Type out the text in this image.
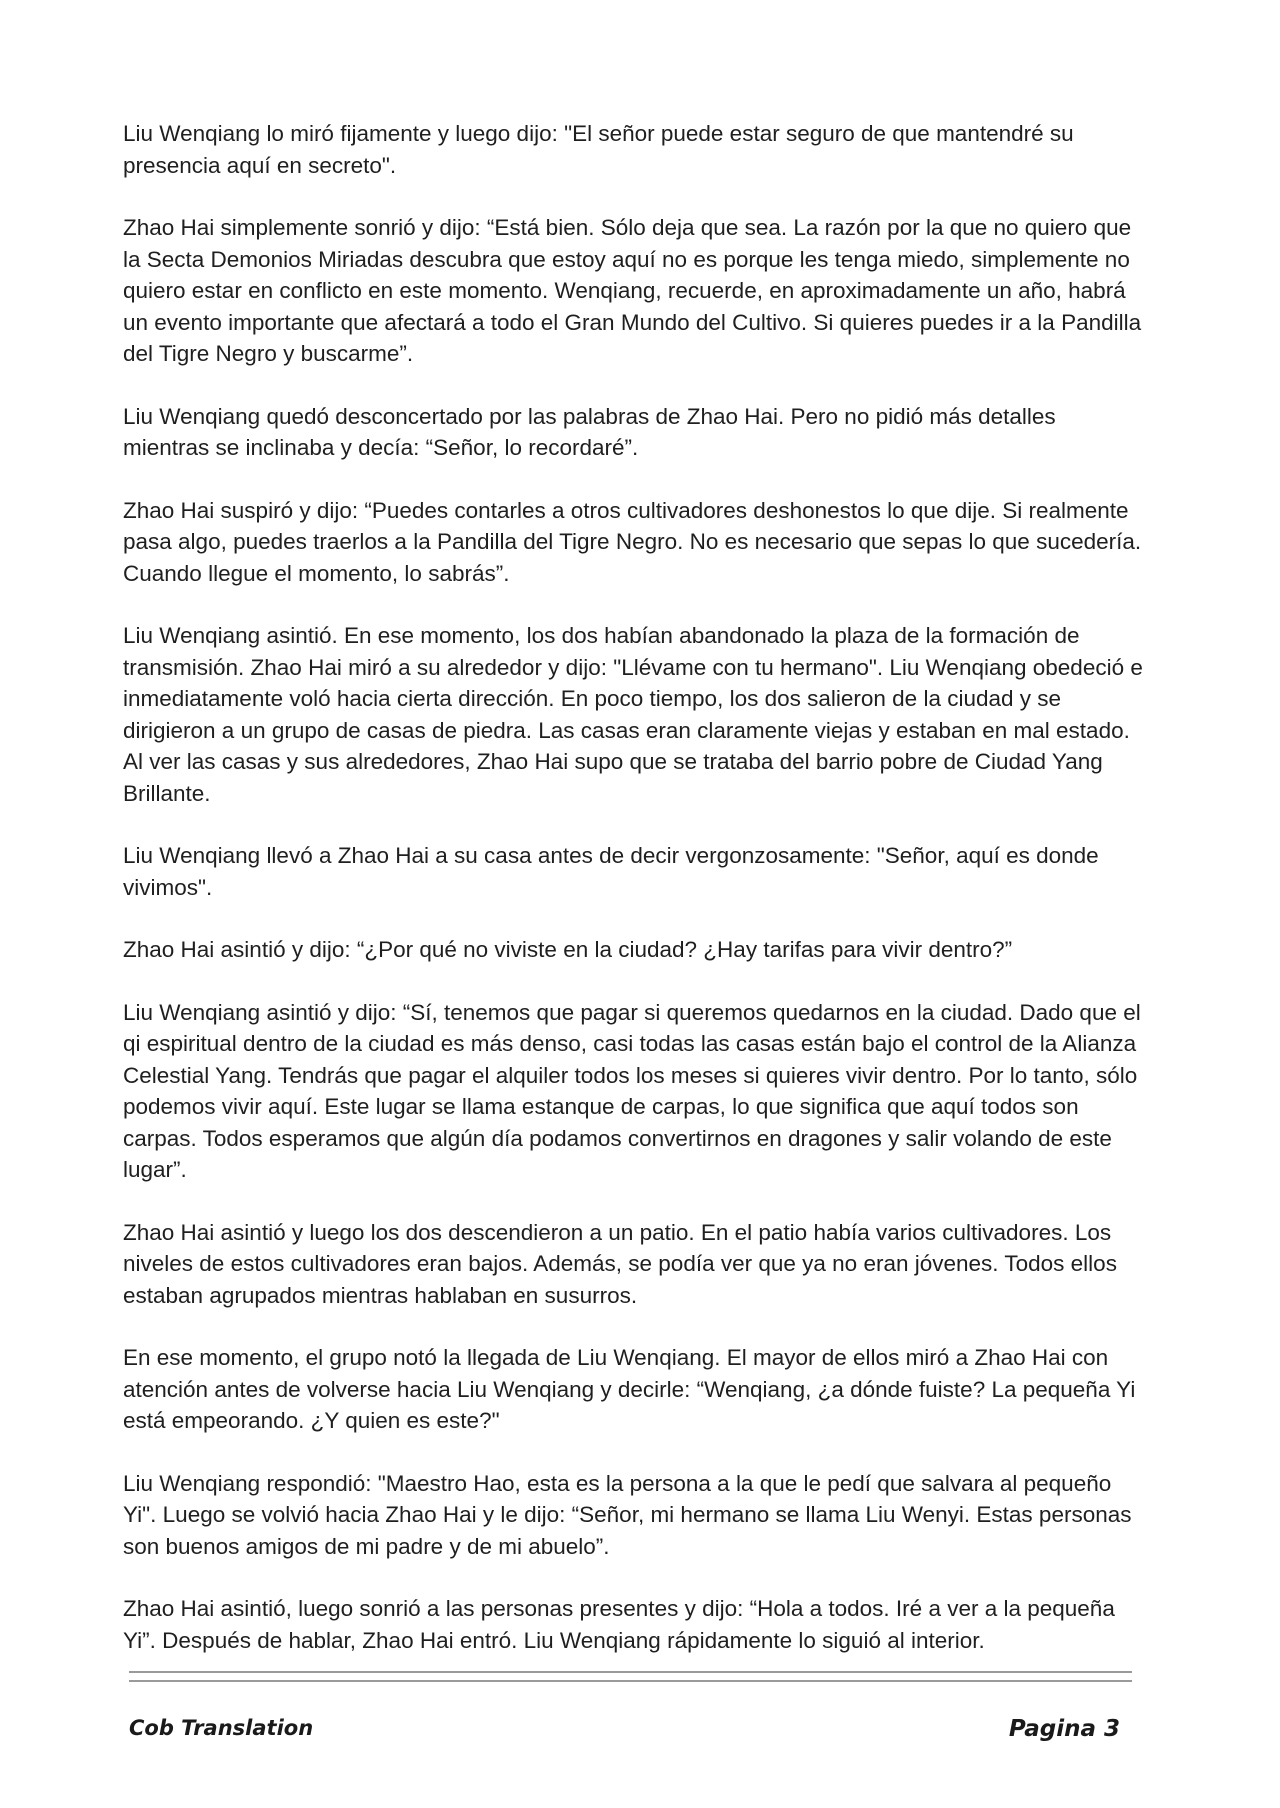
Liu Wenqiang lo miró fijamente y luego dijo: "El señor puede estar seguro de que mantendré su presencia aquí en secreto".

Zhao Hai simplemente sonrió y dijo: “Está bien. Sólo deja que sea. La razón por la que no quiero que la Secta Demonios Miriadas descubra que estoy aquí no es porque les tenga miedo, simplemente no quiero estar en conflicto en este momento. Wenqiang, recuerde, en aproximadamente un año, habrá un evento importante que afectará a todo el Gran Mundo del Cultivo. Si quieres puedes ir a la Pandilla del Tigre Negro y buscarme”.

Liu Wenqiang quedó desconcertado por las palabras de Zhao Hai. Pero no pidió más detalles mientras se inclinaba y decía: “Señor, lo recordaré”.

Zhao Hai suspiró y dijo: “Puedes contarles a otros cultivadores deshonestos lo que dije. Si realmente pasa algo, puedes traerlos a la Pandilla del Tigre Negro. No es necesario que sepas lo que sucedería. Cuando llegue el momento, lo sabrás”.

Liu Wenqiang asintió. En ese momento, los dos habían abandonado la plaza de la formación de transmisión. Zhao Hai miró a su alrededor y dijo: "Llévame con tu hermano". Liu Wenqiang obedeció e inmediatamente voló hacia cierta dirección. En poco tiempo, los dos salieron de la ciudad y se dirigieron a un grupo de casas de piedra. Las casas eran claramente viejas y estaban en mal estado. Al ver las casas y sus alrededores, Zhao Hai supo que se trataba del barrio pobre de Ciudad Yang Brillante.

Liu Wenqiang llevó a Zhao Hai a su casa antes de decir vergonzosamente: "Señor, aquí es donde vivimos".

Zhao Hai asintió y dijo: “¿Por qué no viviste en la ciudad? ¿Hay tarifas para vivir dentro?”

Liu Wenqiang asintió y dijo: “Sí, tenemos que pagar si queremos quedarnos en la ciudad. Dado que el qi espiritual dentro de la ciudad es más denso, casi todas las casas están bajo el control de la Alianza Celestial Yang. Tendrás que pagar el alquiler todos los meses si quieres vivir dentro. Por lo tanto, sólo podemos vivir aquí. Este lugar se llama estanque de carpas, lo que significa que aquí todos son carpas. Todos esperamos que algún día podamos convertirnos en dragones y salir volando de este lugar”.

Zhao Hai asintió y luego los dos descendieron a un patio. En el patio había varios cultivadores. Los niveles de estos cultivadores eran bajos. Además, se podía ver que ya no eran jóvenes. Todos ellos estaban agrupados mientras hablaban en susurros.

En ese momento, el grupo notó la llegada de Liu Wenqiang. El mayor de ellos miró a Zhao Hai con atención antes de volverse hacia Liu Wenqiang y decirle: “Wenqiang, ¿a dónde fuiste? La pequeña Yi está empeorando. ¿Y quien es este?"

Liu Wenqiang respondió: "Maestro Hao, esta es la persona a la que le pedí que salvara al pequeño Yi". Luego se volvió hacia Zhao Hai y le dijo: “Señor, mi hermano se llama Liu Wenyi. Estas personas son buenos amigos de mi padre y de mi abuelo”.

Zhao Hai asintió, luego sonrió a las personas presentes y dijo: “Hola a todos. Iré a ver a la pequeña Yi”. Después de hablar, Zhao Hai entró. Liu Wenqiang rápidamente lo siguió al interior.

Cob Translation	Pagina 3
